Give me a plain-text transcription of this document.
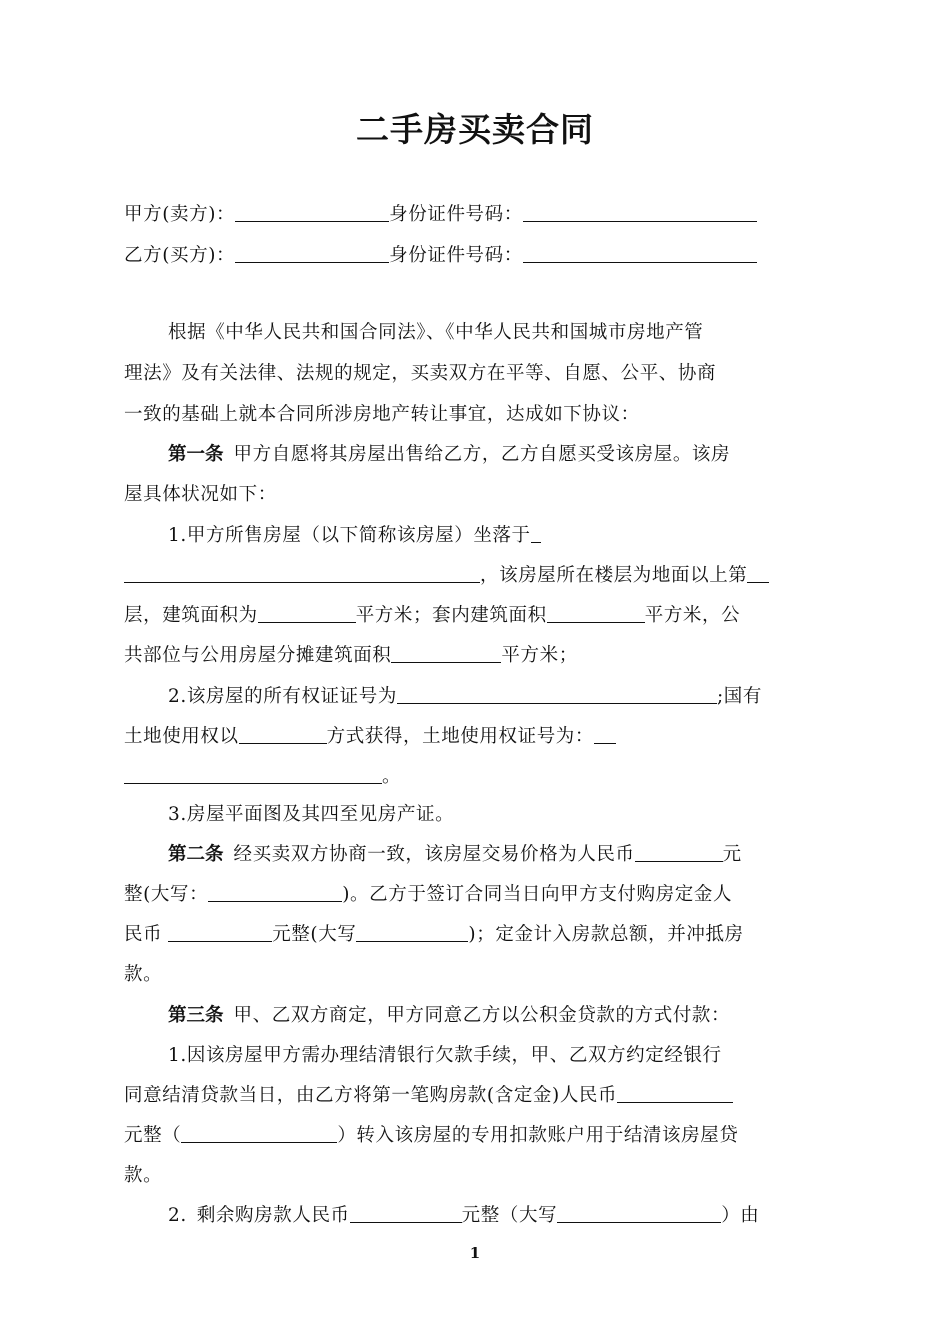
二手房买卖合同
甲方(卖方)：	身份证件号码：
乙方(买方)：	身份证件号码：
根据《中华人民共和国合同法》、《中华人民共和国城市房地产管
理法》及有关法律、法规的规定，买卖双方在平等、自愿、公平、协商
一致的基础上就本合同所涉房地产转让事宜，达成如下协议：
第一条 甲方自愿将其房屋出售给乙方，乙方自愿买受该房屋。该房
屋具体状况如下：
1.甲方所售房屋（以下简称该房屋）坐落于
，该房屋所在楼层为地面以上第
层，建筑面积为	平方米；套内建筑面积	平方米，公
共部位与公用房屋分摊建筑面积	平方米；
2.该房屋的所有权证证号为	;国有
土地使用权以	方式获得，土地使用权证号为：
。
3.房屋平面图及其四至见房产证。
第二条 经买卖双方协商一致，该房屋交易价格为人民币	元
整(大写：	)。乙方于签订合同当日向甲方支付购房定金人
民币	元整(大写	)；定金计入房款总额，并冲抵房
款。
第三条 甲、乙双方商定，甲方同意乙方以公积金贷款的方式付款：
1.因该房屋甲方需办理结清银行欠款手续，甲、乙双方约定经银行
同意结清贷款当日，由乙方将第一笔购房款(含定金)人民币
元整（	）转入该房屋的专用扣款账户用于结清该房屋贷
款。
2. 剩余购房款人民币	元整（大写	）由
1
